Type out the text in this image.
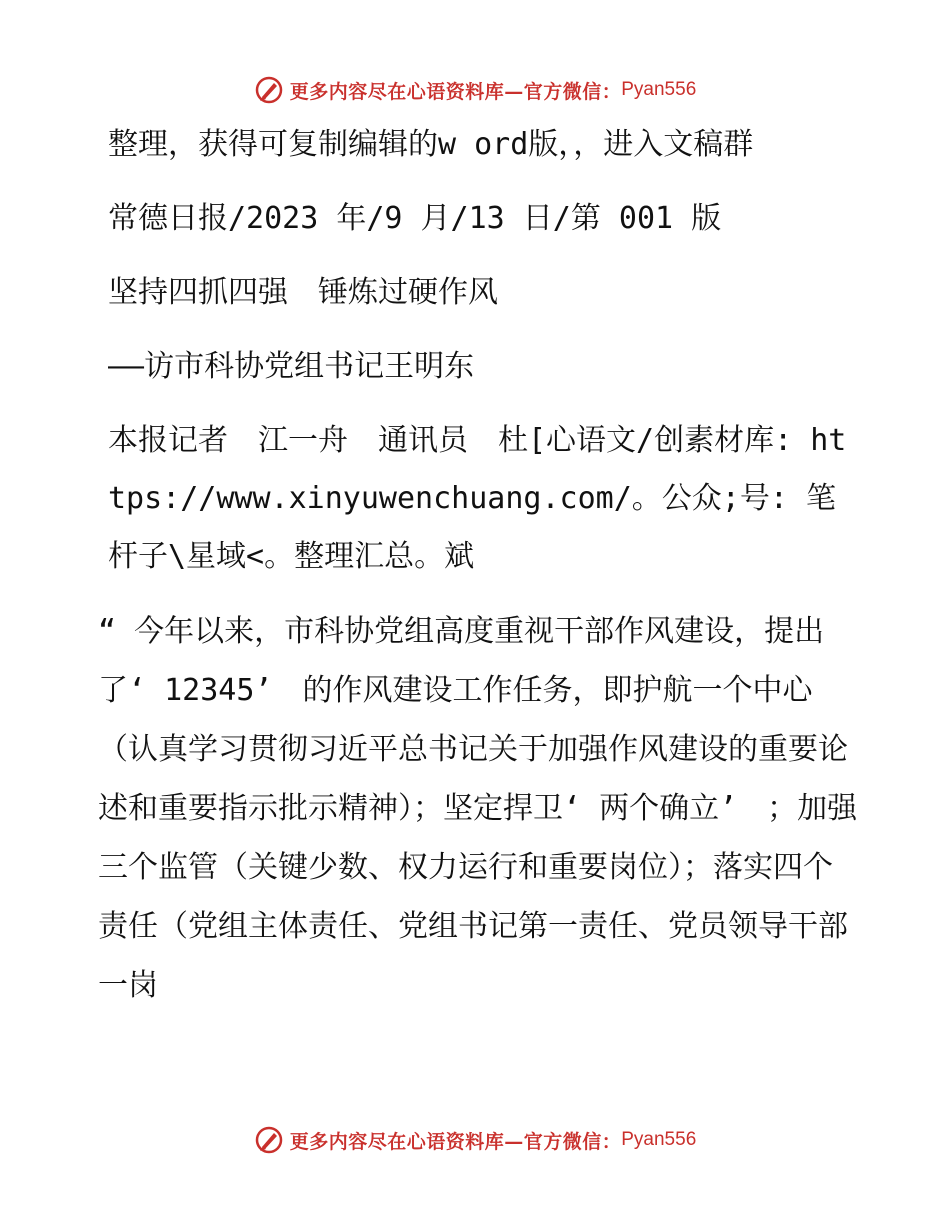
更多内容尽在心语资料库—官方微信： Pyan556

整理，获得可复制编辑的w ord版，，进入文稿群

常德日报/2023 年/9 月/13 日/第 001 版

坚持四抓四强　锤炼过硬作风

——访市科协党组书记王明东

本报记者　江一舟　通讯员　杜[心语文/创素材库: https://www.xinyuwenchuang.com/。公众;号: 笔杆子\星域<。整理汇总。斌

“ 今年以来，市科协党组高度重视干部作风建设，提出了‘ 12345’　的作风建设工作任务，即护航一个中心（认真学习贯彻习近平总书记关于加强作风建设的重要论述和重要指示批示精神）；坚定捍卫‘ 两个确立’　；加强三个监管（关键少数、权力运行和重要岗位）；落实四个责任（党组主体责任、党组书记第一责任、党员领导干部一岗

更多内容尽在心语资料库—官方微信： Pyan556
